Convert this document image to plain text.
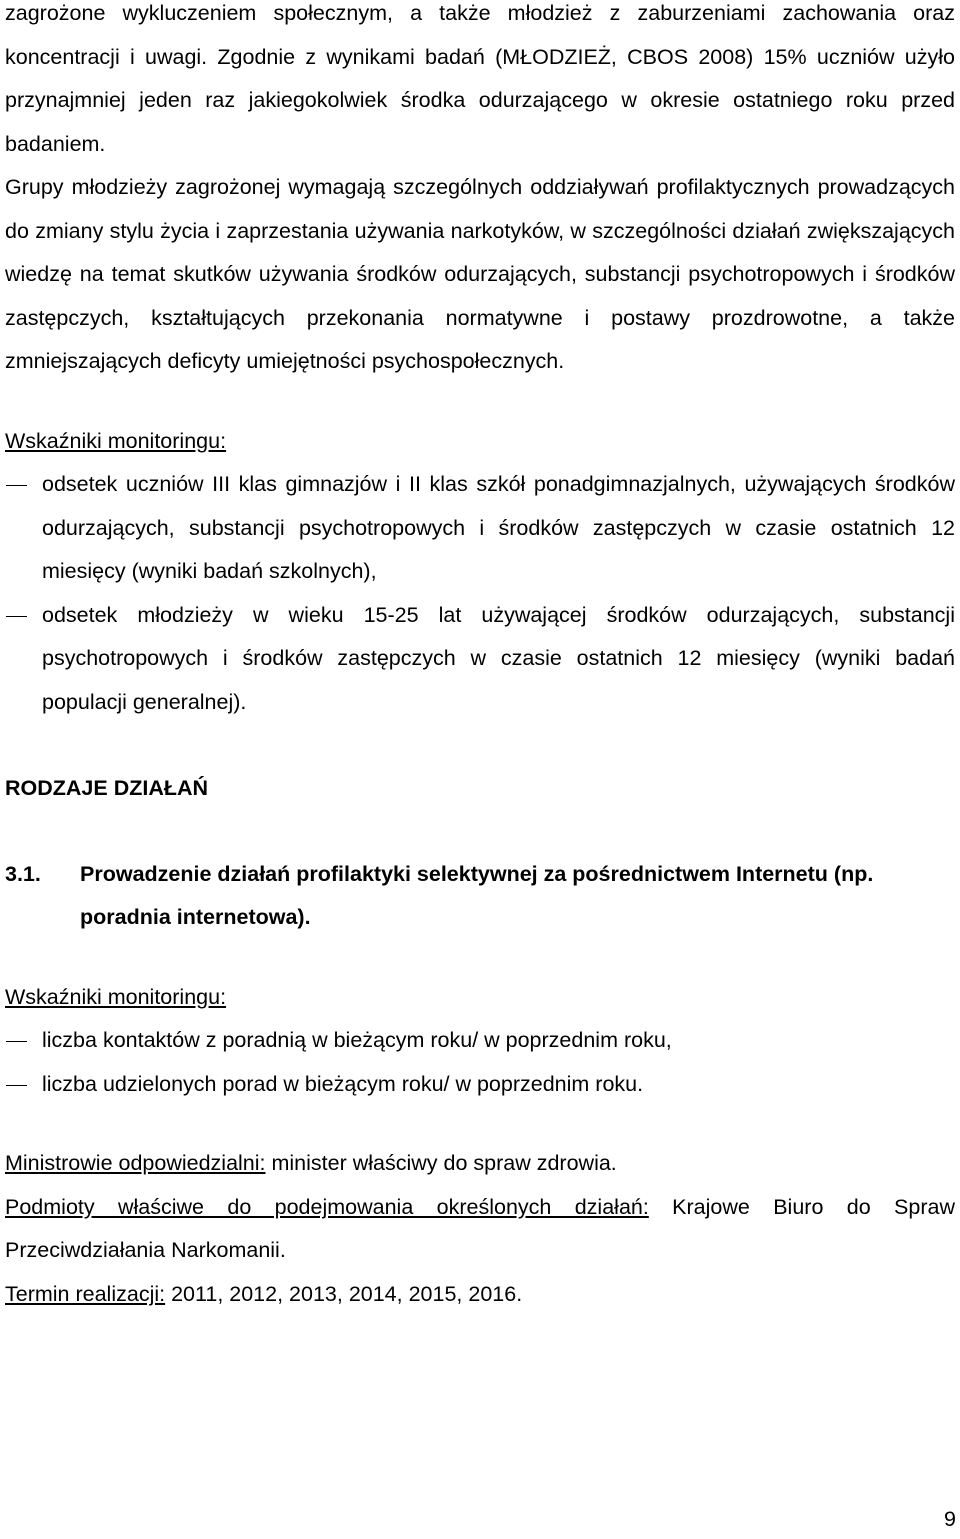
zagrożone wykluczeniem społecznym, a także młodzież z zaburzeniami zachowania oraz koncentracji i uwagi. Zgodnie z wynikami badań (MŁODZIEŻ, CBOS 2008) 15% uczniów użyło przynajmniej jeden raz jakiegokolwiek środka odurzającego w okresie ostatniego roku przed badaniem.

Grupy młodzieży zagrożonej wymagają szczególnych oddziaływań profilaktycznych prowadzących do zmiany stylu życia i zaprzestania używania narkotyków, w szczególności działań zwiększających wiedzę na temat skutków używania środków odurzających, substancji psychotropowych i środków zastępczych, kształtujących przekonania normatywne i postawy prozdrowotne, a także zmniejszających deficyty umiejętności psychospołecznych.

Wskaźniki monitoringu:

odsetek uczniów III klas gimnazjów i II klas szkół ponadgimnazjalnych, używających środków odurzających, substancji psychotropowych i środków zastępczych w czasie ostatnich 12 miesięcy (wyniki badań szkolnych),
odsetek młodzieży w wieku 15-25 lat używającej środków odurzających, substancji psychotropowych i środków zastępczych w czasie ostatnich 12 miesięcy (wyniki badań populacji generalnej).

RODZAJE DZIAŁAŃ

3.1.	Prowadzenie działań profilaktyki selektywnej za pośrednictwem Internetu (np. poradnia internetowa).

Wskaźniki monitoringu:

liczba kontaktów z poradnią w bieżącym roku/ w poprzednim roku,
liczba udzielonych porad w bieżącym roku/ w poprzednim roku.

Ministrowie odpowiedzialni: minister właściwy do spraw zdrowia.

Podmioty właściwe do podejmowania określonych działań: Krajowe Biuro do Spraw Przeciwdziałania Narkomanii.

Termin realizacji: 2011, 2012, 2013, 2014, 2015, 2016.

9
